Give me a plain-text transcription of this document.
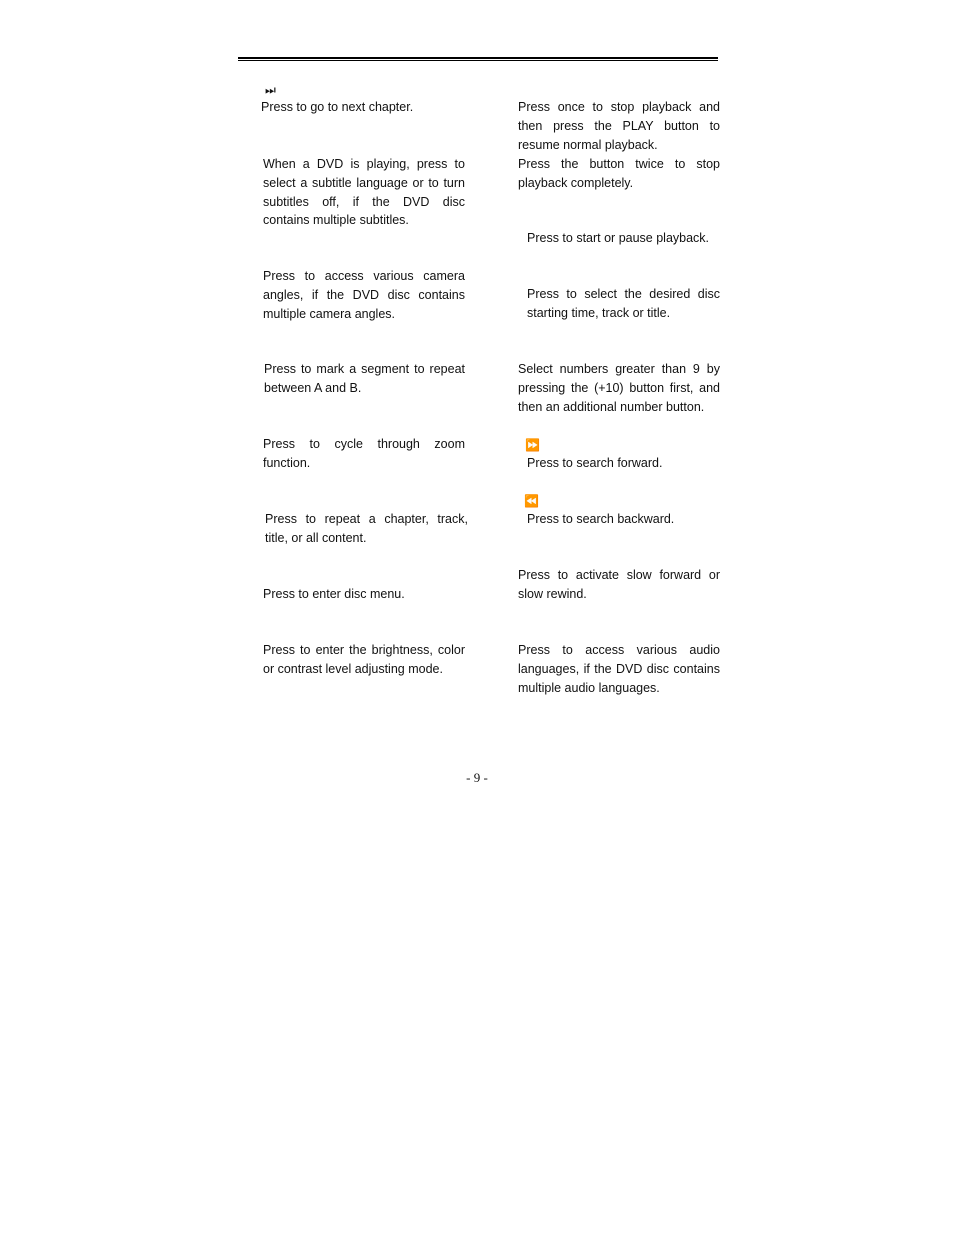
⏭
Press to go to next chapter.
When a DVD is playing, press to select a subtitle language or to turn subtitles off, if the DVD disc contains multiple subtitles.
Press to access various camera angles, if the DVD disc contains multiple camera angles.
Press to mark a segment to repeat between A and B.
Press to cycle through zoom function.
Press to repeat a chapter, track, title, or all content.
Press to enter disc menu.
Press to enter the brightness, color or contrast level adjusting mode.
Press once to stop playback and then press the PLAY button to resume normal playback.
Press the button twice to stop playback completely.
Press to start or pause playback.
Press to select the desired disc starting time, track or title.
Select numbers greater than 9 by pressing the (+10) button first, and then an additional number button.
⏩
Press to search forward.
⏪
Press to search backward.
Press to activate slow forward or slow rewind.
Press to access various audio languages, if the DVD disc contains multiple audio languages.
- 9 -
